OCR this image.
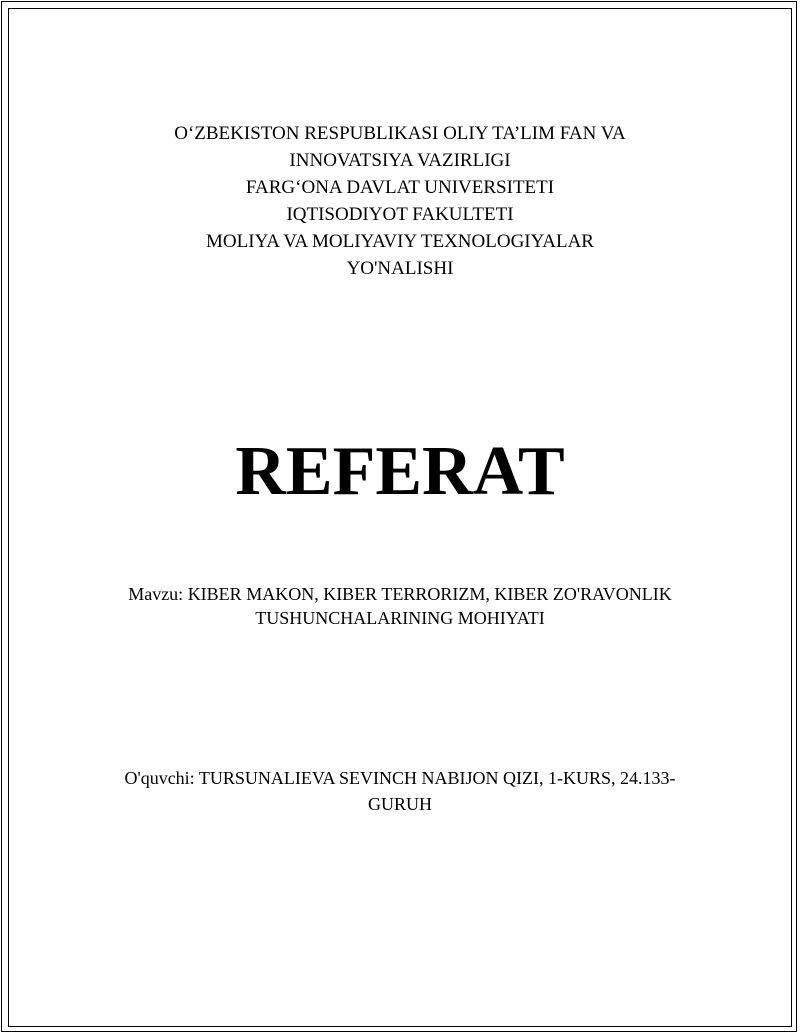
O‘ZBEKISTON RESPUBLIKASI OLIY TA’LIM FAN VA
INNOVATSIYA VAZIRLIGI
FARG‘ONA DAVLAT UNIVERSITETI
IQTISODIYOT FAKULTETI
MOLIYA VA MOLIYAVIY TEXNOLOGIYALAR
YO'NALISHI
REFERAT
Mavzu: KIBER MAKON, KIBER TERRORIZM, KIBER ZO'RAVONLIK
TUSHUNCHALARINING MOHIYATI
O'quvchi: TURSUNALIEVA SEVINCH NABIJON QIZI, 1-KURS, 24.133-
GURUH
